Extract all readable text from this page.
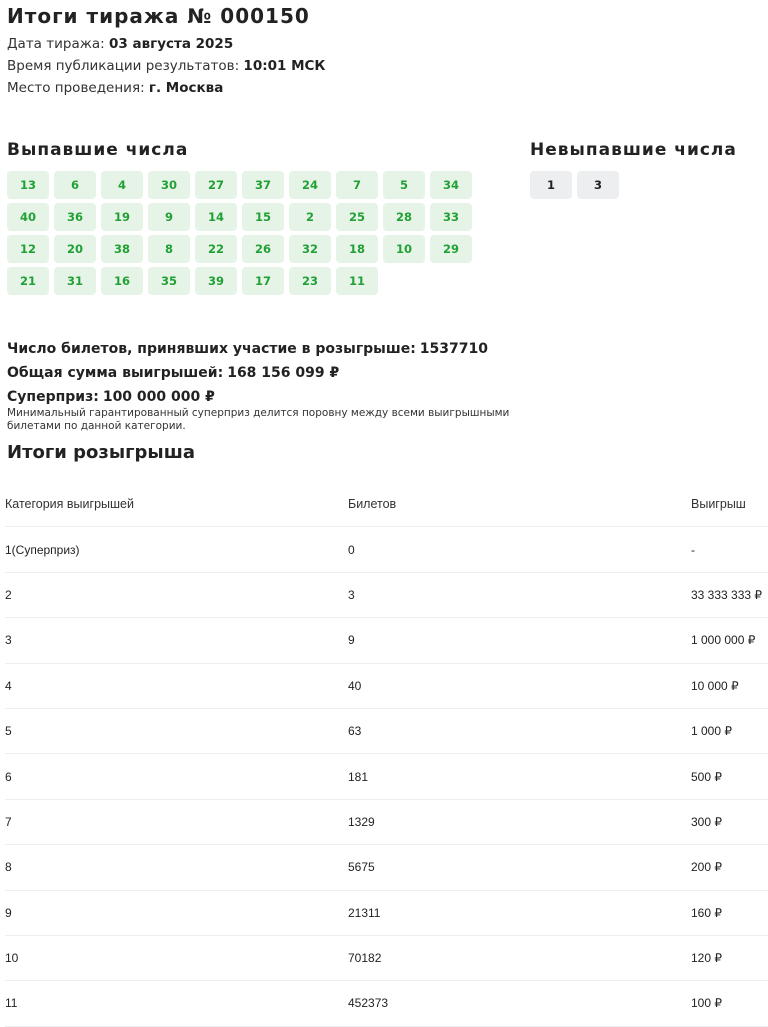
Итоги тиража № 000150
Дата тиража: 03 августа 2025
Время публикации результатов: 10:01 МСК
Место проведения: г. Москва
Выпавшие числа	Невыпавшие числа
13	6	4	30	27	37	24	7	5	34
40	36	19	9	14	15	2	25	28	33
12	20	38	8	22	26	32	18	10	29
21	31	16	35	39	17	23	11
1	3
Число билетов, принявших участие в розыгрыше: 1537710
Общая сумма выигрышей: 168 156 099 ₽
Суперприз: 100 000 000 ₽
Минимальный гарантированный суперприз делится поровну между всеми выигрышными билетами по данной категории.
Итоги розыгрыша
Категория выигрышей	Билетов	Выигрыш
1(Суперприз)	0	-
2	3	33 333 333 ₽
3	9	1 000 000 ₽
4	40	10 000 ₽
5	63	1 000 ₽
6	181	500 ₽
7	1329	300 ₽
8	5675	200 ₽
9	21311	160 ₽
10	70182	120 ₽
11	452373	100 ₽
